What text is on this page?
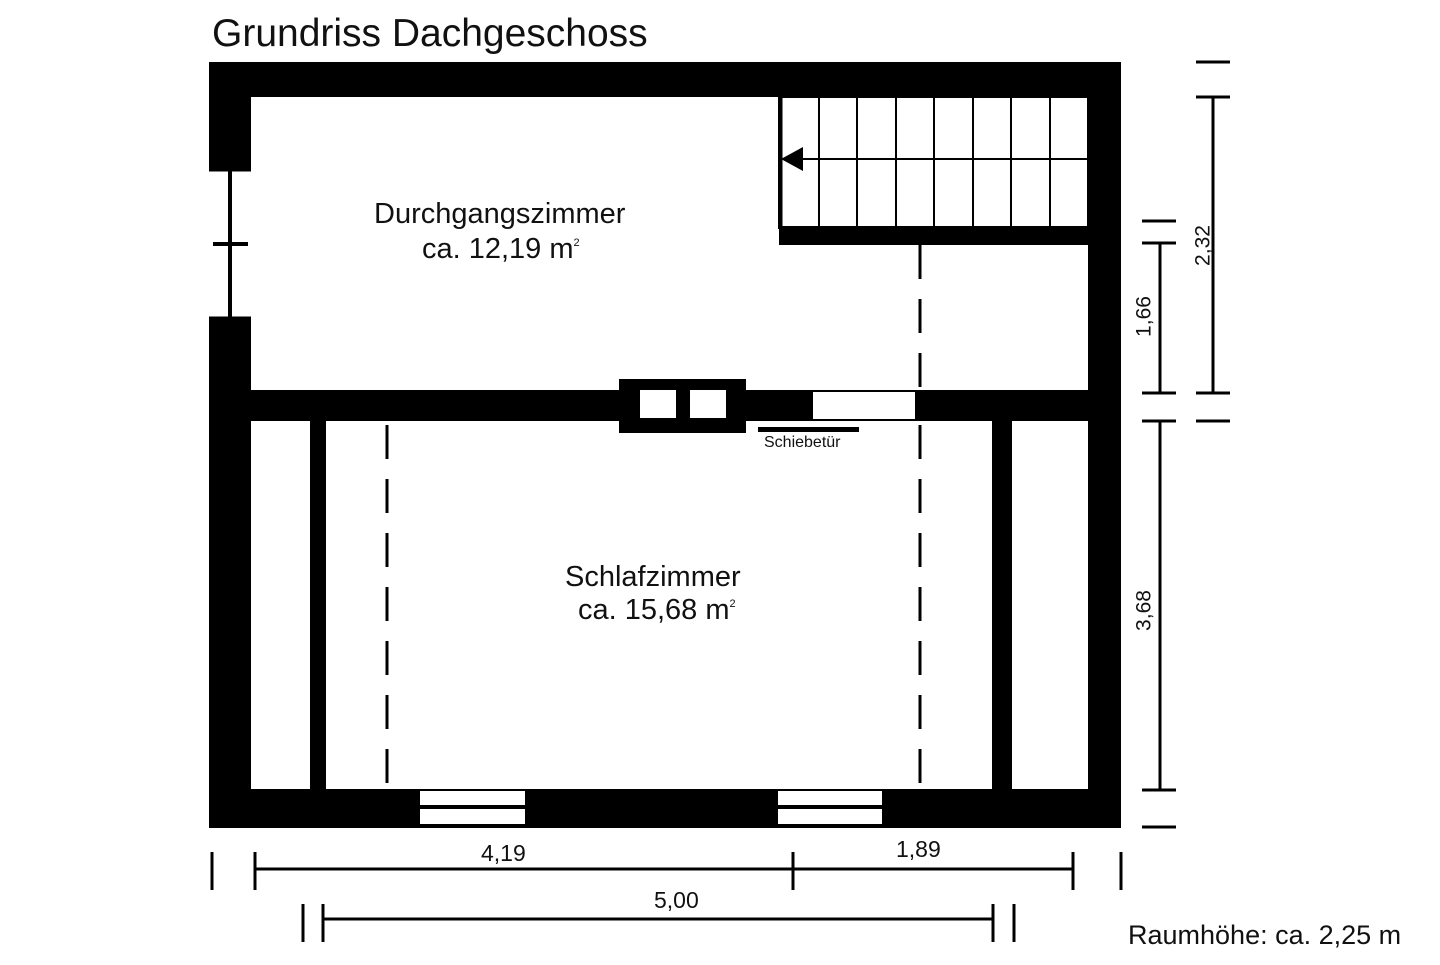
Grundriss Dachgeschoss
Durchgangszimmer
ca. 12,19 $m^2$
Schlafzimmer
ca. 15,68 $m^2$
Schiebetür
4,19	1,89
5,00
2,32
1,66
3,68
Raumhöhe: ca. 2,25 m
